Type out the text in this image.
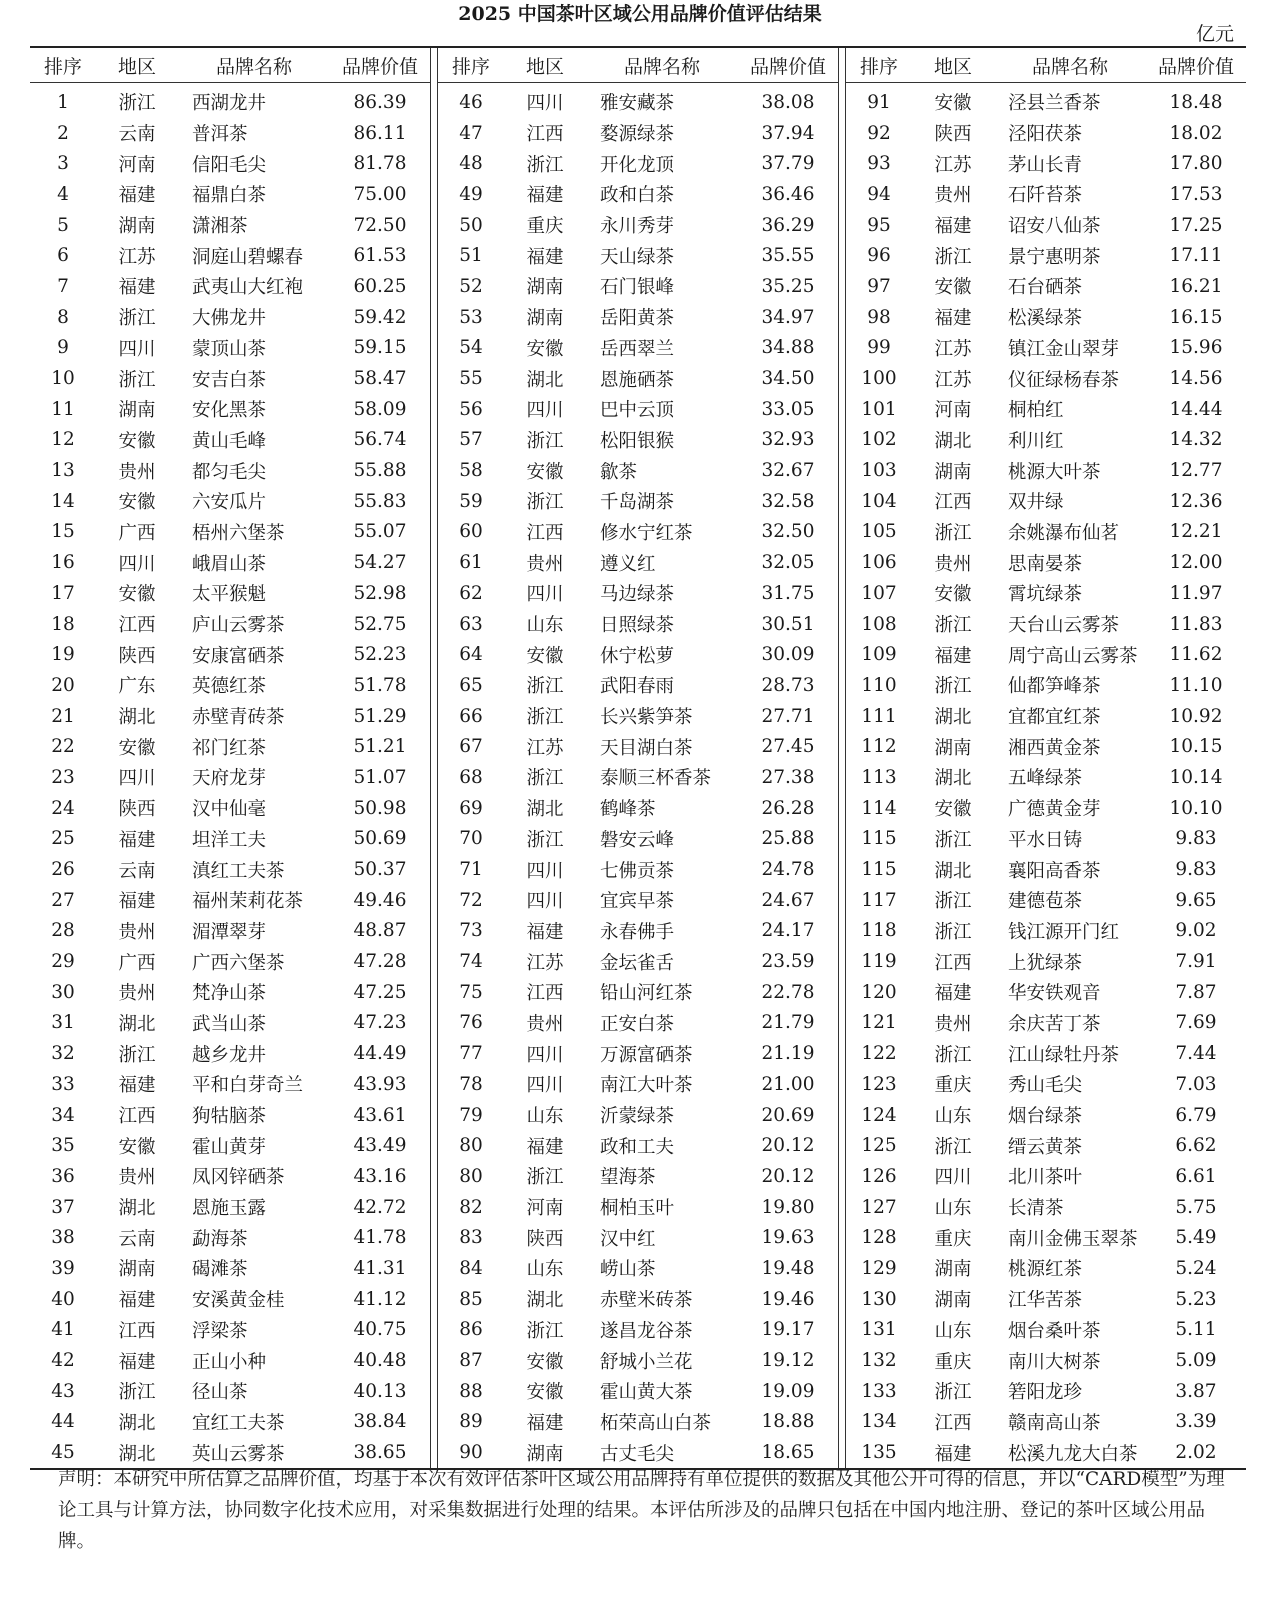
2025 中国茶叶区域公用品牌价值评估结果
亿元
排序	地区	品牌名称	品牌价值
1	浙江	西湖龙井	86.39
2	云南	普洱茶	86.11
3	河南	信阳毛尖	81.78
4	福建	福鼎白茶	75.00
5	湖南	潇湘茶	72.50
6	江苏	洞庭山碧螺春	61.53
7	福建	武夷山大红袍	60.25
8	浙江	大佛龙井	59.42
9	四川	蒙顶山茶	59.15
10	浙江	安吉白茶	58.47
11	湖南	安化黑茶	58.09
12	安徽	黄山毛峰	56.74
13	贵州	都匀毛尖	55.88
14	安徽	六安瓜片	55.83
15	广西	梧州六堡茶	55.07
16	四川	峨眉山茶	54.27
17	安徽	太平猴魁	52.98
18	江西	庐山云雾茶	52.75
19	陕西	安康富硒茶	52.23
20	广东	英德红茶	51.78
21	湖北	赤壁青砖茶	51.29
22	安徽	祁门红茶	51.21
23	四川	天府龙芽	51.07
24	陕西	汉中仙毫	50.98
25	福建	坦洋工夫	50.69
26	云南	滇红工夫茶	50.37
27	福建	福州茉莉花茶	49.46
28	贵州	湄潭翠芽	48.87
29	广西	广西六堡茶	47.28
30	贵州	梵净山茶	47.25
31	湖北	武当山茶	47.23
32	浙江	越乡龙井	44.49
33	福建	平和白芽奇兰	43.93
34	江西	狗牯脑茶	43.61
35	安徽	霍山黄芽	43.49
36	贵州	凤冈锌硒茶	43.16
37	湖北	恩施玉露	42.72
38	云南	勐海茶	41.78
39	湖南	碣滩茶	41.31
40	福建	安溪黄金桂	41.12
41	江西	浮梁茶	40.75
42	福建	正山小种	40.48
43	浙江	径山茶	40.13
44	湖北	宜红工夫茶	38.84
45	湖北	英山云雾茶	38.65
排序	地区	品牌名称	品牌价值
46	四川	雅安藏茶	38.08
47	江西	婺源绿茶	37.94
48	浙江	开化龙顶	37.79
49	福建	政和白茶	36.46
50	重庆	永川秀芽	36.29
51	福建	天山绿茶	35.55
52	湖南	石门银峰	35.25
53	湖南	岳阳黄茶	34.97
54	安徽	岳西翠兰	34.88
55	湖北	恩施硒茶	34.50
56	四川	巴中云顶	33.05
57	浙江	松阳银猴	32.93
58	安徽	歙茶	32.67
59	浙江	千岛湖茶	32.58
60	江西	修水宁红茶	32.50
61	贵州	遵义红	32.05
62	四川	马边绿茶	31.75
63	山东	日照绿茶	30.51
64	安徽	休宁松萝	30.09
65	浙江	武阳春雨	28.73
66	浙江	长兴紫笋茶	27.71
67	江苏	天目湖白茶	27.45
68	浙江	泰顺三杯香茶	27.38
69	湖北	鹤峰茶	26.28
70	浙江	磐安云峰	25.88
71	四川	七佛贡茶	24.78
72	四川	宜宾早茶	24.67
73	福建	永春佛手	24.17
74	江苏	金坛雀舌	23.59
75	江西	铅山河红茶	22.78
76	贵州	正安白茶	21.79
77	四川	万源富硒茶	21.19
78	四川	南江大叶茶	21.00
79	山东	沂蒙绿茶	20.69
80	福建	政和工夫	20.12
80	浙江	望海茶	20.12
82	河南	桐柏玉叶	19.80
83	陕西	汉中红	19.63
84	山东	崂山茶	19.48
85	湖北	赤壁米砖茶	19.46
86	浙江	遂昌龙谷茶	19.17
87	安徽	舒城小兰花	19.12
88	安徽	霍山黄大茶	19.09
89	福建	柘荣高山白茶	18.88
90	湖南	古丈毛尖	18.65
排序	地区	品牌名称	品牌价值
91	安徽	泾县兰香茶	18.48
92	陕西	泾阳茯茶	18.02
93	江苏	茅山长青	17.80
94	贵州	石阡苔茶	17.53
95	福建	诏安八仙茶	17.25
96	浙江	景宁惠明茶	17.11
97	安徽	石台硒茶	16.21
98	福建	松溪绿茶	16.15
99	江苏	镇江金山翠芽	15.96
100	江苏	仪征绿杨春茶	14.56
101	河南	桐柏红	14.44
102	湖北	利川红	14.32
103	湖南	桃源大叶茶	12.77
104	江西	双井绿	12.36
105	浙江	余姚瀑布仙茗	12.21
106	贵州	思南晏茶	12.00
107	安徽	霄坑绿茶	11.97
108	浙江	天台山云雾茶	11.83
109	福建	周宁高山云雾茶	11.62
110	浙江	仙都笋峰茶	11.10
111	湖北	宜都宜红茶	10.92
112	湖南	湘西黄金茶	10.15
113	湖北	五峰绿茶	10.14
114	安徽	广德黄金芽	10.10
115	浙江	平水日铸	9.83
115	湖北	襄阳高香茶	9.83
117	浙江	建德苞茶	9.65
118	浙江	钱江源开门红	9.02
119	江西	上犹绿茶	7.91
120	福建	华安铁观音	7.87
121	贵州	余庆苦丁茶	7.69
122	浙江	江山绿牡丹茶	7.44
123	重庆	秀山毛尖	7.03
124	山东	烟台绿茶	6.79
125	浙江	缙云黄茶	6.62
126	四川	北川茶叶	6.61
127	山东	长清茶	5.75
128	重庆	南川金佛玉翠茶	5.49
129	湖南	桃源红茶	5.24
130	湖南	江华苦茶	5.23
131	山东	烟台桑叶茶	5.11
132	重庆	南川大树茶	5.09
133	浙江	箬阳龙珍	3.87
134	江西	赣南高山茶	3.39
135	福建	松溪九龙大白茶	2.02
声明：本研究中所估算之品牌价值，均基于本次有效评估茶叶区域公用品牌持有单位提供的数据及其他公开可得的信息，并以“CARD模型”为理论工具与计算方法，协同数字化技术应用，对采集数据进行处理的结果。本评估所涉及的品牌只包括在中国内地注册、登记的茶叶区域公用品牌。
